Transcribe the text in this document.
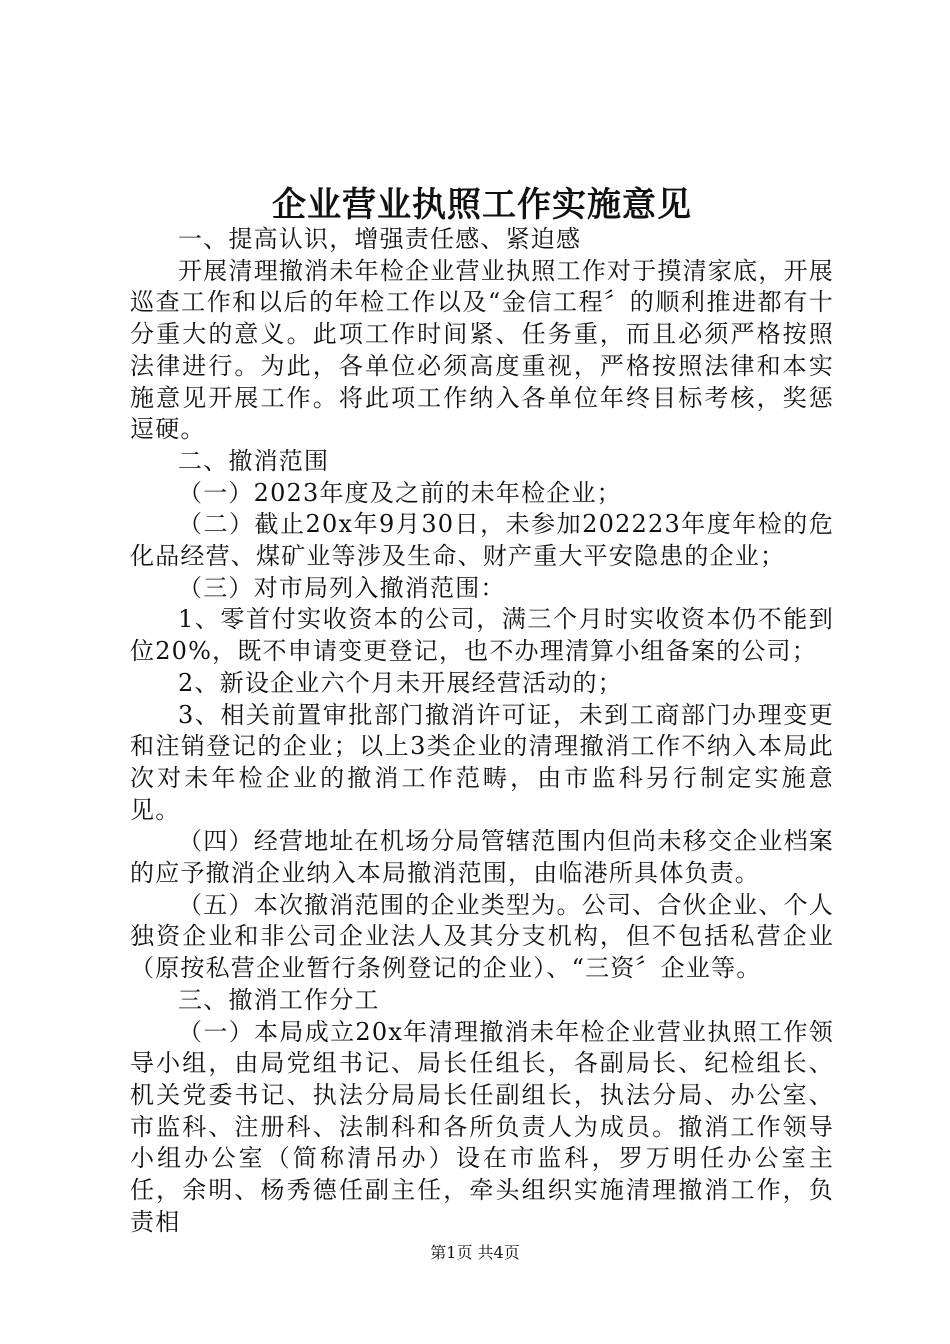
企业营业执照工作实施意见

一、提高认识，增强责任感、紧迫感

开展清理撤消未年检企业营业执照工作对于摸清家底，开展巡查工作和以后的年检工作以及“金信工程〞的顺利推进都有十分重大的意义。此项工作时间紧、任务重，而且必须严格按照法律进行。为此，各单位必须高度重视，严格按照法律和本实施意见开展工作。将此项工作纳入各单位年终目标考核，奖惩逗硬。

二、撤消范围

（一）2023年度及之前的未年检企业；

（二）截止20x年9月30日，未参加202223年度年检的危化品经营、煤矿业等涉及生命、财产重大平安隐患的企业；

（三）对市局列入撤消范围：

1、零首付实收资本的公司，满三个月时实收资本仍不能到位20%，既不申请变更登记，也不办理清算小组备案的公司；

2、新设企业六个月未开展经营活动的；

3、相关前置审批部门撤消许可证，未到工商部门办理变更和注销登记的企业；以上3类企业的清理撤消工作不纳入本局此次对未年检企业的撤消工作范畴，由市监科另行制定实施意见。

（四）经营地址在机场分局管辖范围内但尚未移交企业档案的应予撤消企业纳入本局撤消范围，由临港所具体负责。

（五）本次撤消范围的企业类型为。公司、合伙企业、个人独资企业和非公司企业法人及其分支机构，但不包括私营企业（原按私营企业暂行条例登记的企业）、“三资〞企业等。

三、撤消工作分工

（一）本局成立20x年清理撤消未年检企业营业执照工作领导小组，由局党组书记、局长任组长，各副局长、纪检组长、机关党委书记、执法分局局长任副组长，执法分局、办公室、市监科、注册科、法制科和各所负责人为成员。撤消工作领导小组办公室（简称清吊办）设在市监科，罗万明任办公室主任，余明、杨秀德任副主任，牵头组织实施清理撤消工作，负责相

第1页 共4页
